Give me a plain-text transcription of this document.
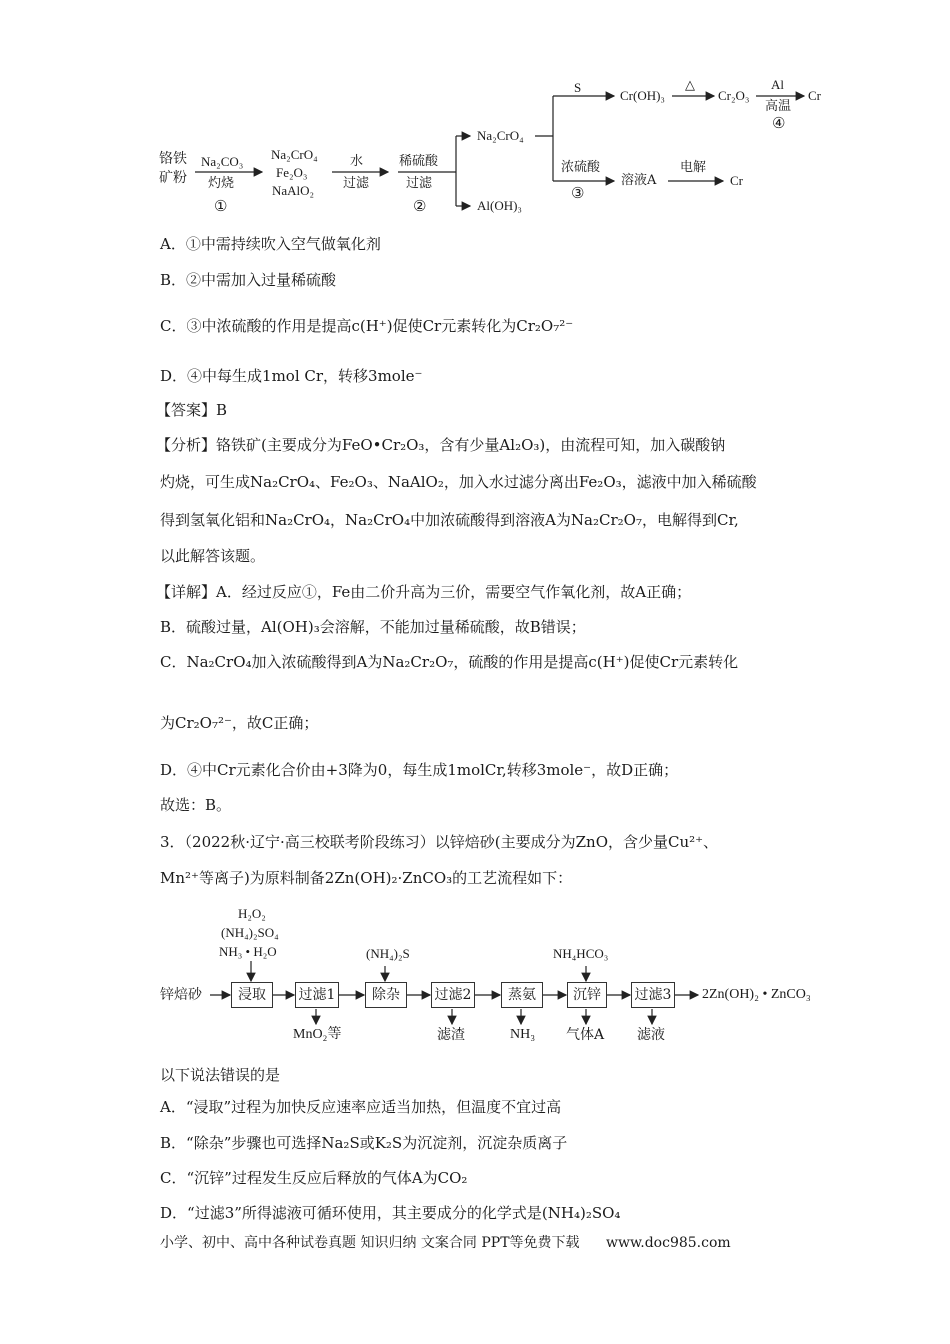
铬铁
矿粉
Na₂CO₃
灼烧
①
Na₂CrO₄
Fe₂O₃
NaAlO₂
水
过滤
稀硫酸
过滤
②
Na₂CrO₄
Al(OH)₃
S
Cr(OH)₃
△
Cr₂O₃
Al
高温
④
Cr
浓硫酸
③
溶液A
电解
Cr
A．①中需持续吹入空气做氧化剂
B．②中需加入过量稀硫酸
C．③中浓硫酸的作用是提高c(H⁺)促使Cr元素转化为Cr₂O₇²⁻
D．④中每生成1mol Cr，转移3mole⁻
【答案】B
【分析】铬铁矿(主要成分为FeO•Cr₂O₃，含有少量Al₂O₃)，由流程可知，加入碳酸钠
灼烧，可生成Na₂CrO₄、Fe₂O₃、NaAlO₂，加入水过滤分离出Fe₂O₃，滤液中加入稀硫酸
得到氢氧化铝和Na₂CrO₄，Na₂CrO₄中加浓硫酸得到溶液A为Na₂Cr₂O₇，电解得到Cr,
以此解答该题。
【详解】A．经过反应①，Fe由二价升高为三价，需要空气作氧化剂，故A正确；
B．硫酸过量，Al(OH)₃会溶解，不能加过量稀硫酸，故B错误；
C．Na₂CrO₄加入浓硫酸得到A为Na₂Cr₂O₇，硫酸的作用是提高c(H⁺)促使Cr元素转化
为Cr₂O₇²⁻，故C正确；
D．④中Cr元素化合价由+3降为0，每生成1molCr,转移3mole⁻，故D正确；
故选：B。
3．（2022秋·辽宁·高三校联考阶段练习）以锌焙砂(主要成分为ZnO，含少量Cu²⁺、
Mn²⁺等离子)为原料制备2Zn(OH)₂·ZnCO₃的工艺流程如下：
H₂O₂
(NH₄)₂SO₄
NH₃ • H₂O
锌焙砂	浸取	过滤1
MnO₂等
(NH₄)₂S
除杂	过滤2
滤渣
蒸氨
NH₃
NH₄HCO₃
沉锌
气体A
过滤3
滤液
2Zn(OH)₂ • ZnCO₃
以下说法错误的是
A．“浸取”过程为加快反应速率应适当加热，但温度不宜过高
B．“除杂”步骤也可选择Na₂S或K₂S为沉淀剂，沉淀杂质离子
C．“沉锌”过程发生反应后释放的气体A为CO₂
D．“过滤3”所得滤液可循环使用，其主要成分的化学式是(NH₄)₂SO₄
小学、初中、高中各种试卷真题 知识归纳 文案合同 PPT等免费下载 www.doc985.com
